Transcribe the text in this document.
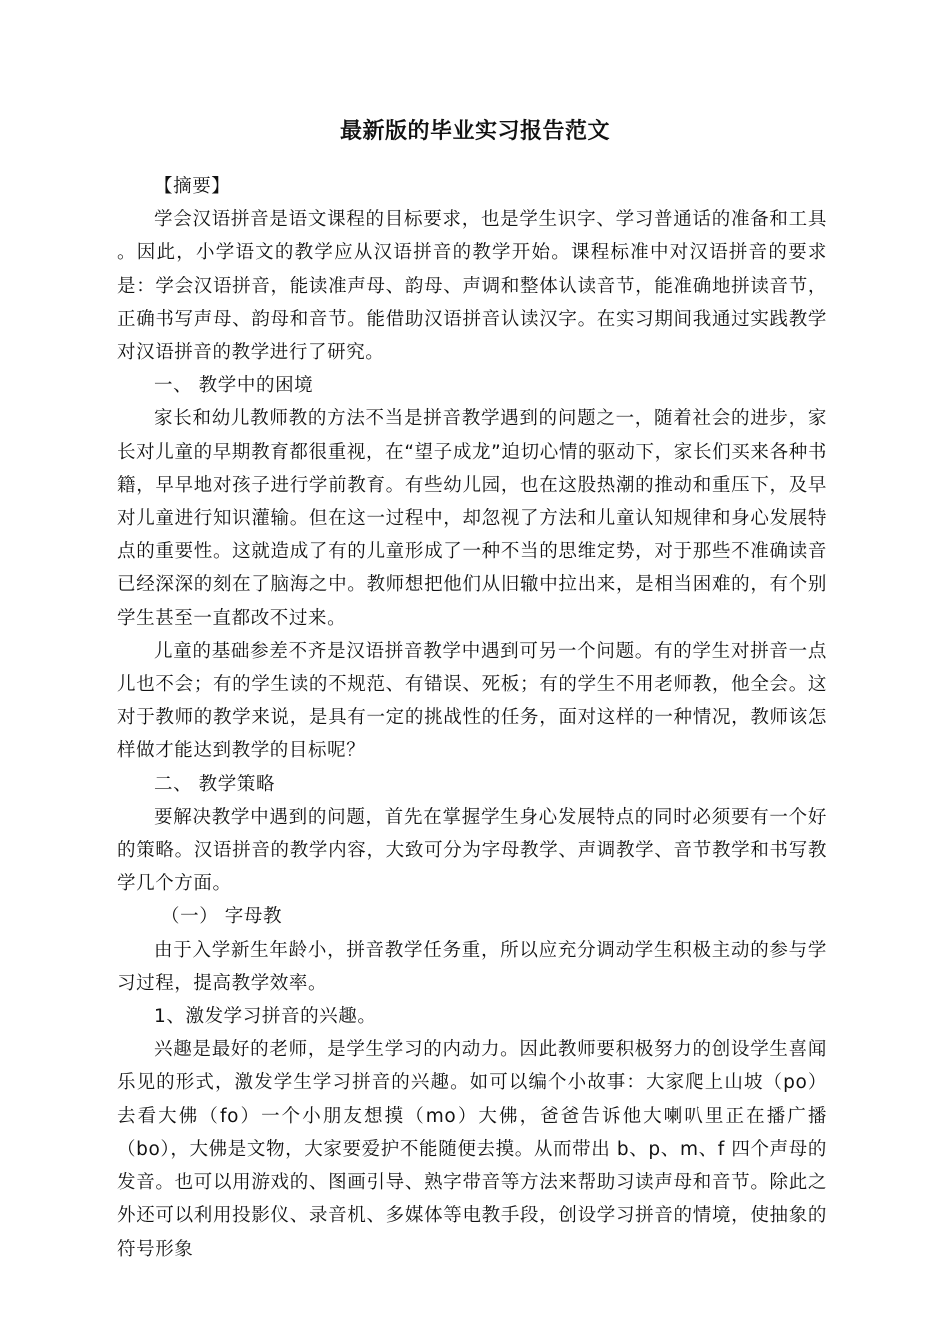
最新版的毕业实习报告范文

【摘要】

学会汉语拼音是语文课程的目标要求，也是学生识字、学习普通话的准备和工具 。因此，小学语文的教学应从汉语拼音的教学开始。课程标准中对汉语拼音的要求是：学会汉语拼音，能读准声母、韵母、声调和整体认读音节，能准确地拼读音节，正确书写声母、韵母和音节。能借助汉语拼音认读汉字。在实习期间我通过实践教学对汉语拼音的教学进行了研究。

一、 教学中的困境

家长和幼儿教师教的方法不当是拼音教学遇到的问题之一，随着社会的进步，家长对儿童的早期教育都很重视，在“望子成龙”迫切心情的驱动下，家长们买来各种书籍，早早地对孩子进行学前教育。有些幼儿园，也在这股热潮的推动和重压下，及早对儿童进行知识灌输。但在这一过程中，却忽视了方法和儿童认知规律和身心发展特点的重要性。这就造成了有的儿童形成了一种不当的思维定势，对于那些不准确读音已经深深的刻在了脑海之中。教师想把他们从旧辙中拉出来，是相当困难的，有个别学生甚至一直都改不过来。

儿童的基础参差不齐是汉语拼音教学中遇到可另一个问题。有的学生对拼音一点儿也不会；有的学生读的不规范、有错误、死板；有的学生不用老师教，他全会。这对于教师的教学来说，是具有一定的挑战性的任务，面对这样的一种情况，教师该怎样做才能达到教学的目标呢？

二、 教学策略

要解决教学中遇到的问题，首先在掌握学生身心发展特点的同时必须要有一个好的策略。汉语拼音的教学内容，大致可分为字母教学、声调教学、音节教学和书写教学几个方面。

（一） 字母教

由于入学新生年龄小，拼音教学任务重，所以应充分调动学生积极主动的参与学习过程，提高教学效率。

1、激发学习拼音的兴趣。

兴趣是最好的老师，是学生学习的内动力。因此教师要积极努力的创设学生喜闻乐见的形式，激发学生学习拼音的兴趣。如可以编个小故事：大家爬上山坡（po）去看大佛（fo）一个小朋友想摸（mo）大佛，爸爸告诉他大喇叭里正在播广播（bo），大佛是文物，大家要爱护不能随便去摸。从而带出 b、p、m、f 四个声母的发音。也可以用游戏的、图画引导、熟字带音等方法来帮助习读声母和音节。除此之外还可以利用投影仪、录音机、多媒体等电教手段，创设学习拼音的情境，使抽象的符号形象
